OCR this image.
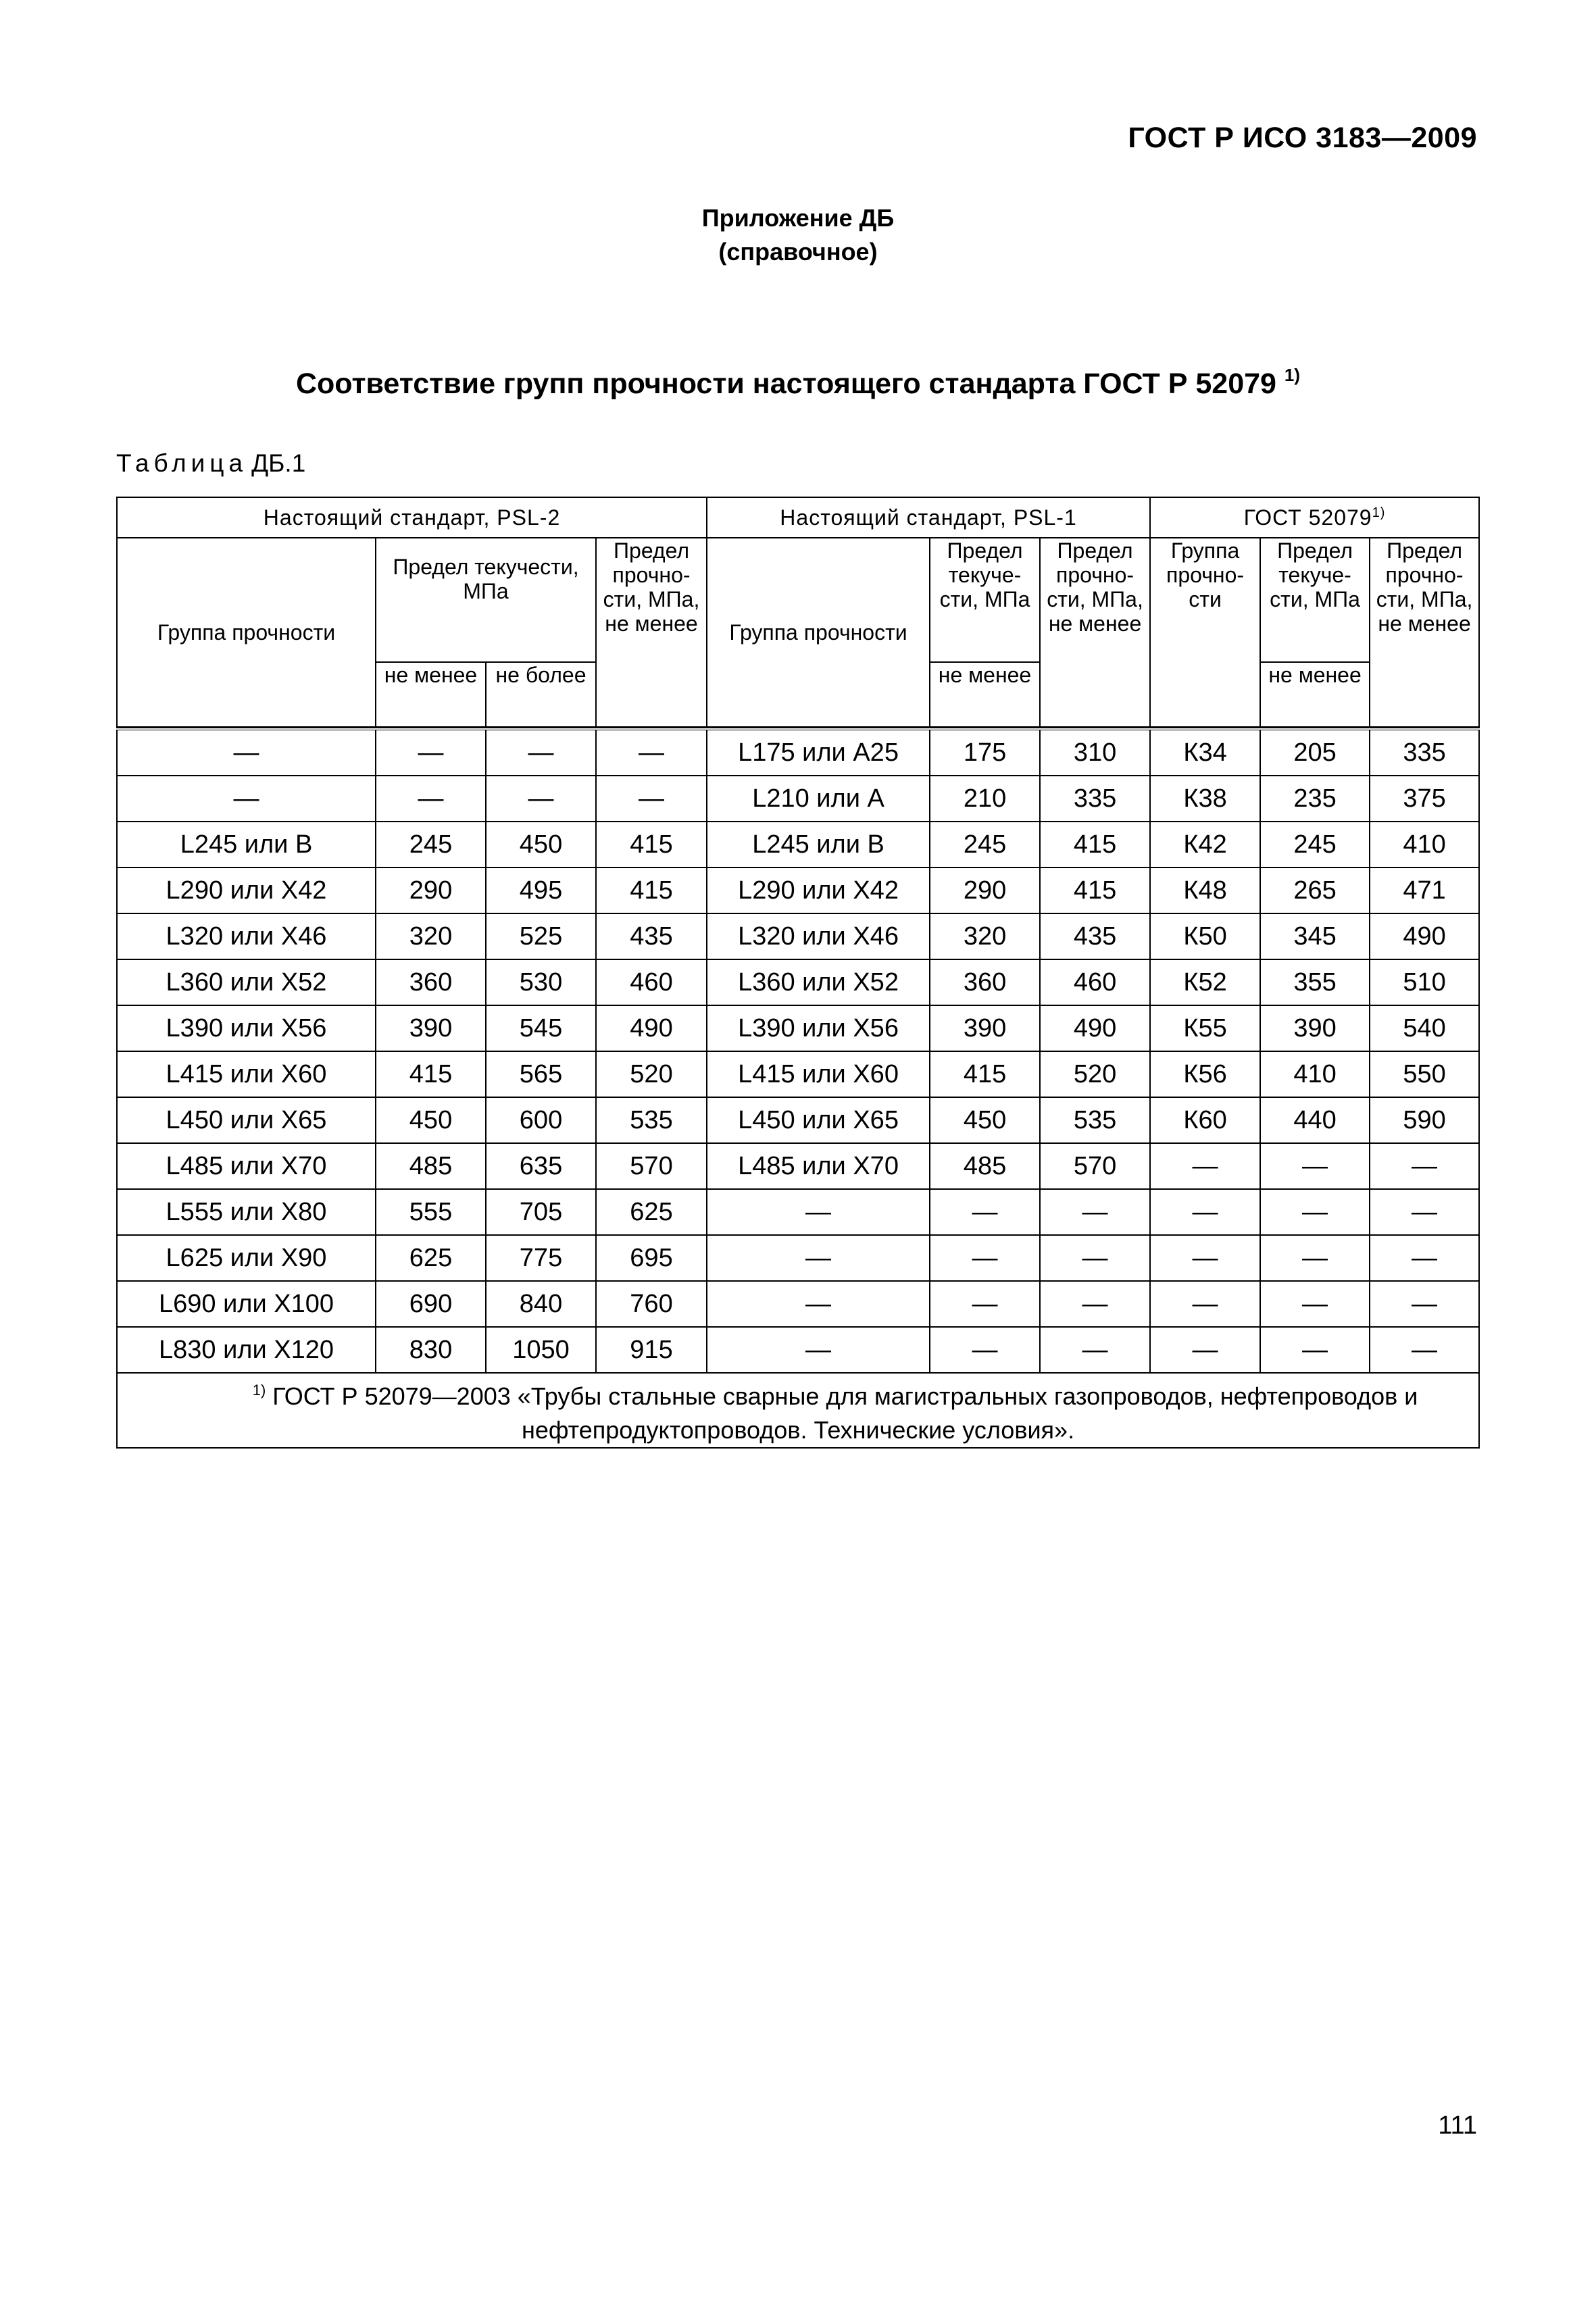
ГОСТ Р ИСО 3183—2009
Приложение ДБ
(справочное)
Соответствие групп прочности настоящего стандарта ГОСТ Р 52079 $^{1)}$
Таблица ДБ.1
Настоящий стандарт, PSL-2				Настоящий стандарт, PSL-1			ГОСТ 52079$^{1)}$
Группа прочности	Предел текучести, МПа		Предел прочно-сти, МПа, не менее	Группа прочности	Предел текуче-сти, МПа	Предел прочно-сти, МПа, не менее	Группа прочно-сти	Предел текуче-сти, МПа	Предел прочно-сти, МПа, не менее
	не менее	не более			не менее			не менее	

—	—	—	—	L175 или A25	175	310	К34	205	335
—	—	—	—	L210 или A	210	335	К38	235	375
L245 или B	245	450	415	L245 или B	245	415	К42	245	410
L290 или X42	290	495	415	L290 или X42	290	415	К48	265	471
L320 или X46	320	525	435	L320 или X46	320	435	К50	345	490
L360 или X52	360	530	460	L360 или X52	360	460	К52	355	510
L390 или X56	390	545	490	L390 или X56	390	490	К55	390	540
L415 или X60	415	565	520	L415 или X60	415	520	К56	410	550
L450 или X65	450	600	535	L450 или X65	450	535	К60	440	590
L485 или X70	485	635	570	L485 или X70	485	570	—	—	—
L555 или X80	555	705	625	—	—	—	—	—	—
L625 или X90	625	775	695	—	—	—	—	—	—
L690 или X100	690	840	760	—	—	—	—	—	—
L830 или X120	830	1050	915	—	—	—	—	—	—
$^{1)}$ ГОСТ Р 52079—2003 «Трубы стальные сварные для магистральных газопроводов, нефтепроводов и нефтепродуктопроводов. Технические условия».									
111
